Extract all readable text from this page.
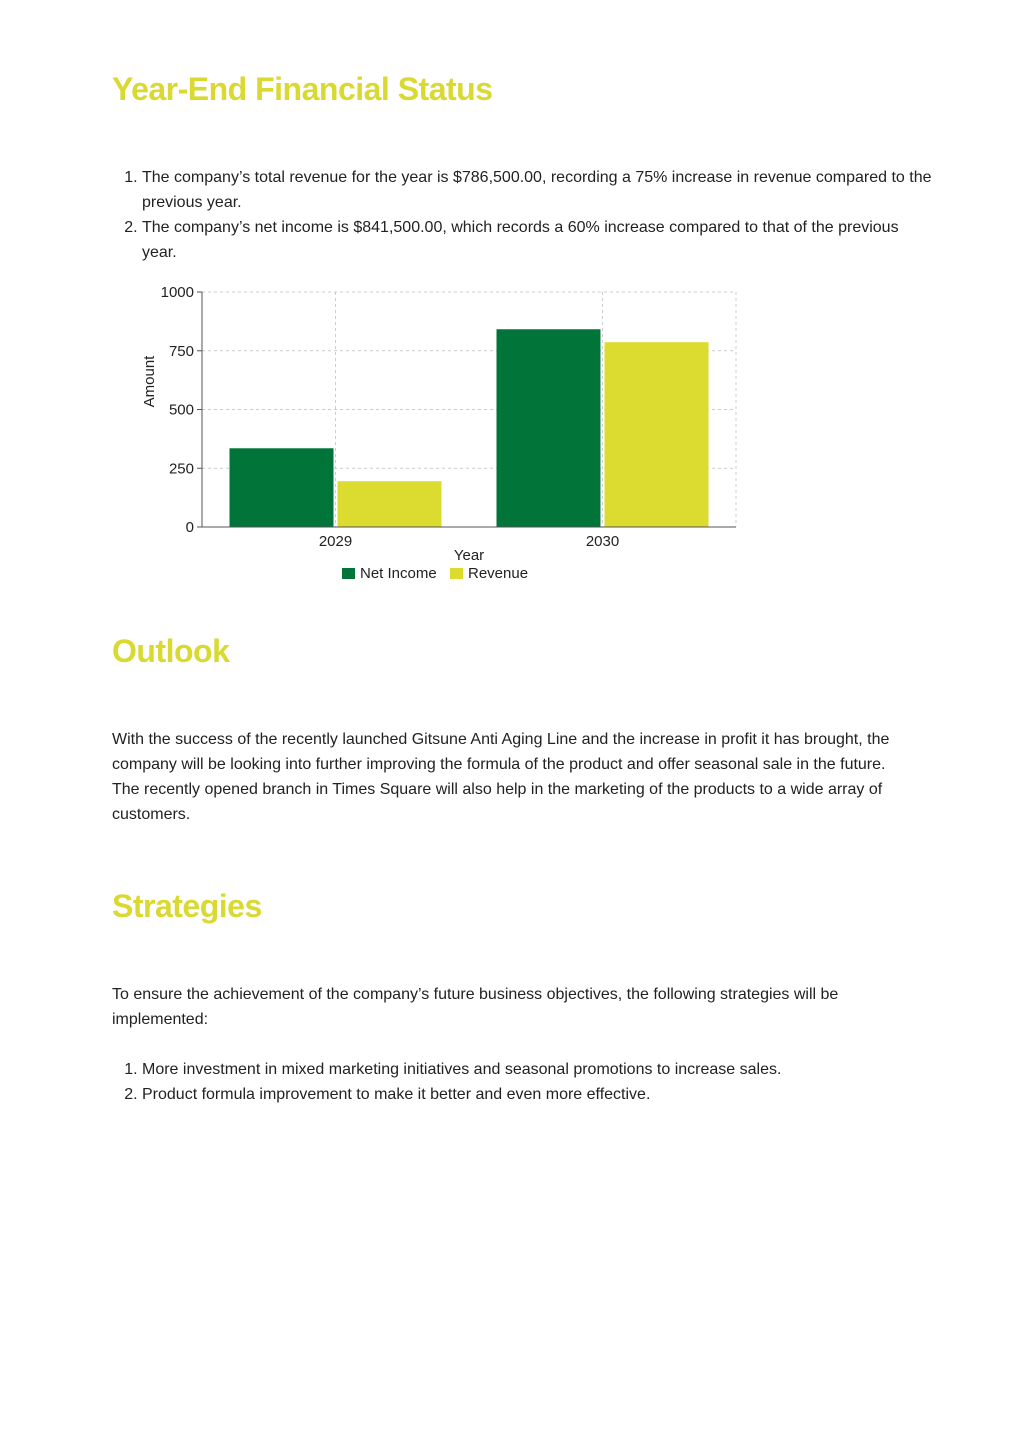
Year-End Financial Status
1. The company’s total revenue for the year is $786,500.00, recording a 75% increase in revenue compared to the previous year.
2. The company’s net income is $841,500.00, which records a 60% increase compared to that of the previous year.
0
250
500
750
1000
2029	2030
Year
Amount
Net Income Revenue
Outlook

With the success of the recently launched Gitsune Anti Aging Line and the increase in profit it has brought, the company will be looking into further improving the formula of the product and offer seasonal sale in the future. The recently opened branch in Times Square will also help in the marketing of the products to a wide array of customers.

Strategies

To ensure the achievement of the company’s future business objectives, the following strategies will be implemented:

1. More investment in mixed marketing initiatives and seasonal promotions to increase sales.
2. Product formula improvement to make it better and even more effective.
